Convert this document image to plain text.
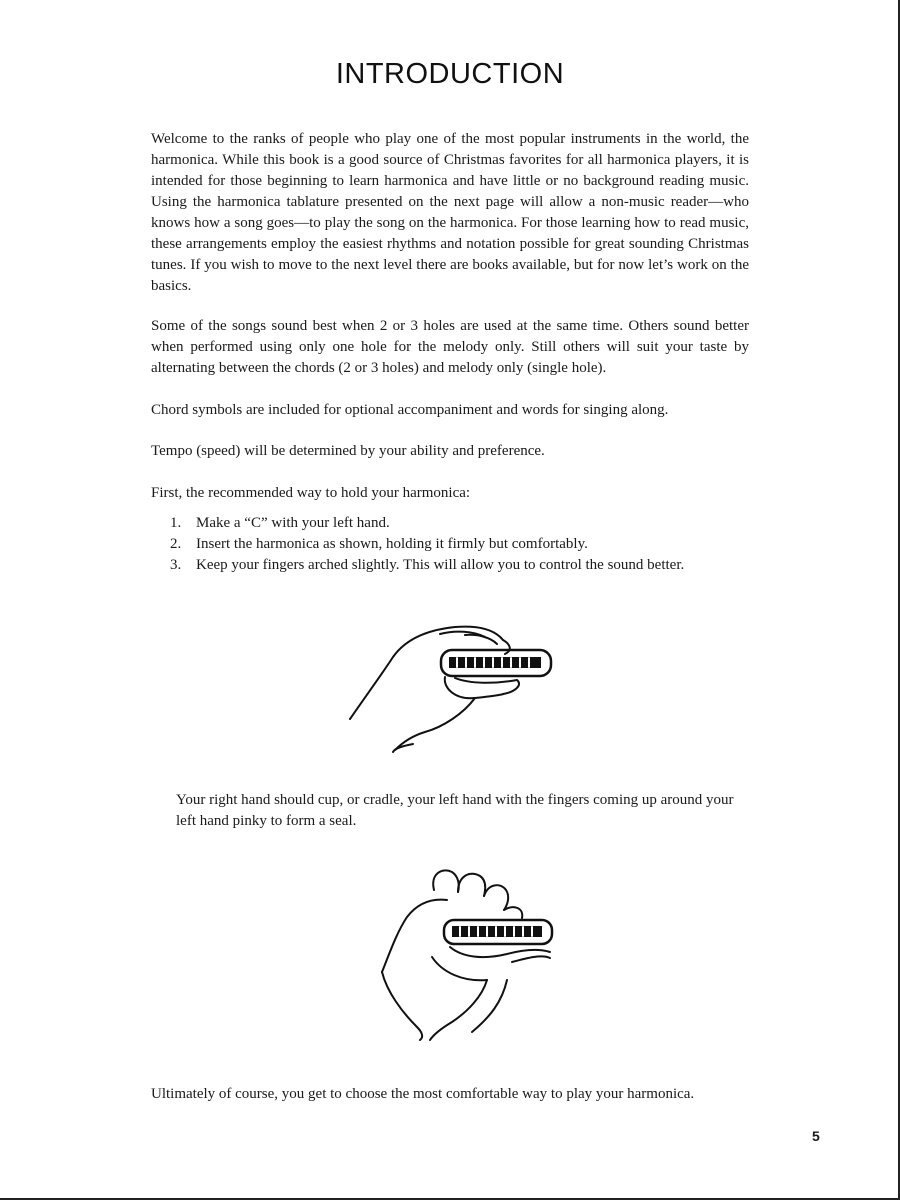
INTRODUCTION

Welcome to the ranks of people who play one of the most popular instruments in the world, the harmonica. While this book is a good source of Christmas favorites for all harmonica players, it is intended for those beginning to learn harmonica and have little or no background reading music. Using the harmonica tablature presented on the next page will allow a non-music reader—who knows how a song goes—to play the song on the harmonica. For those learning how to read music, these arrangements employ the easiest rhythms and notation possible for great sounding Christmas tunes. If you wish to move to the next level there are books available, but for now let’s work on the basics.

Some of the songs sound best when 2 or 3 holes are used at the same time. Others sound better when performed using only one hole for the melody only. Still others will suit your taste by alternating between the chords (2 or 3 holes) and melody only (single hole).

Chord symbols are included for optional accompaniment and words for singing along.

Tempo (speed) will be determined by your ability and preference.

First, the recommended way to hold your harmonica:

1. Make a “C” with your left hand.
2. Insert the harmonica as shown, holding it firmly but comfortably.
3. Keep your fingers arched slightly. This will allow you to control the sound better.

Your right hand should cup, or cradle, your left hand with the fingers coming up around your left hand pinky to form a seal.

Ultimately of course, you get to choose the most comfortable way to play your harmonica.

5
